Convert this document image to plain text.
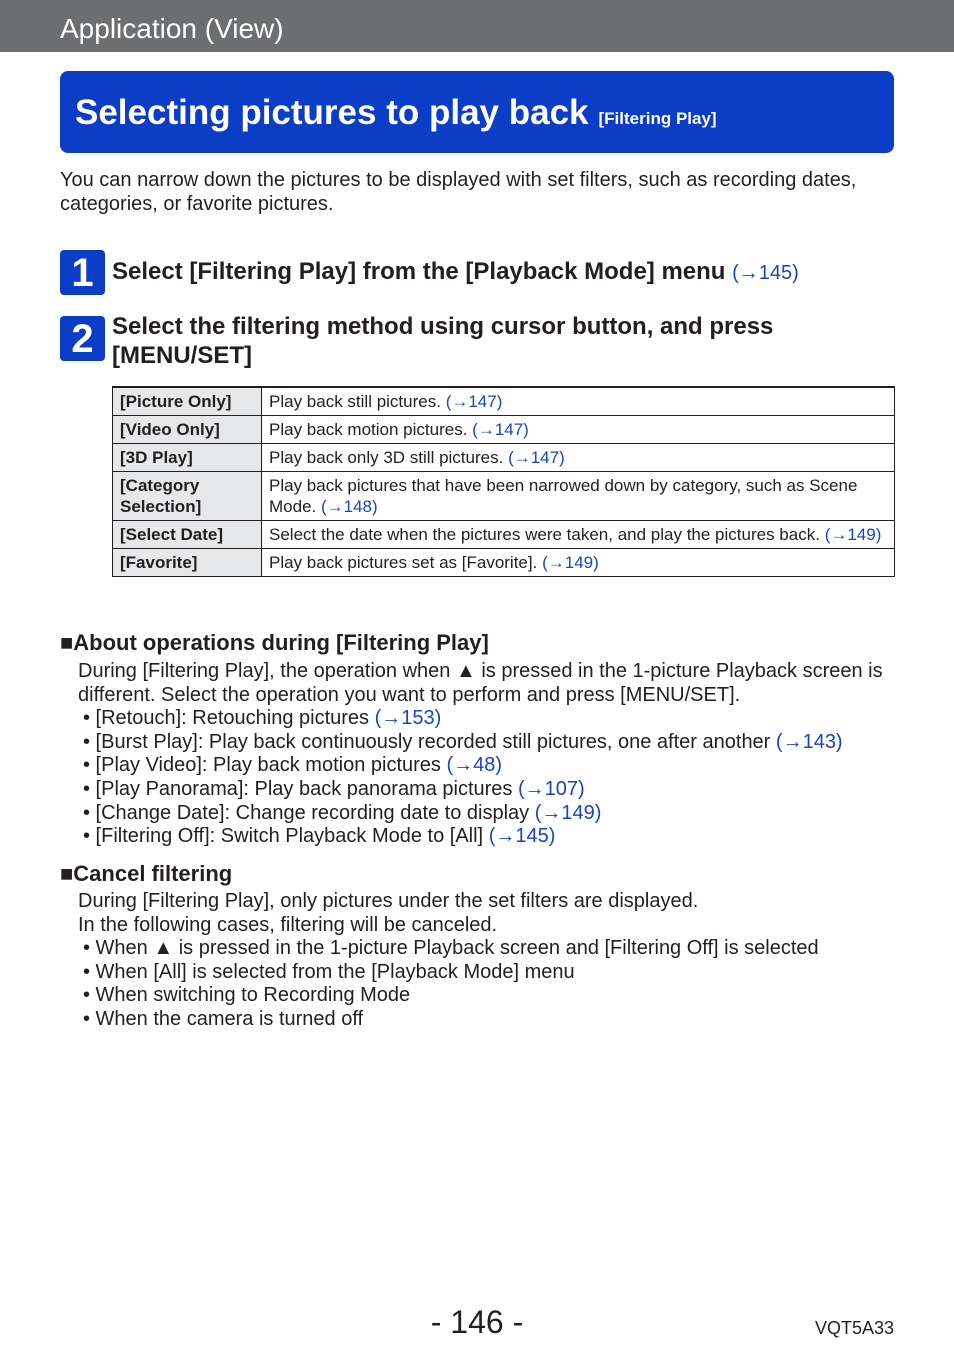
Application (View)
Selecting pictures to play back [Filtering Play]
You can narrow down the pictures to be displayed with set filters, such as recording dates, categories, or favorite pictures.
1 Select [Filtering Play] from the [Playback Mode] menu (→145)
2 Select the filtering method using cursor button, and press [MENU/SET]
[Picture Only]	Play back still pictures. (→147)
[Video Only]	Play back motion pictures. (→147)
[3D Play]	Play back only 3D still pictures. (→147)
[Category Selection]	Play back pictures that have been narrowed down by category, such as Scene Mode. (→148)
[Select Date]	Select the date when the pictures were taken, and play the pictures back. (→149)
[Favorite]	Play back pictures set as [Favorite]. (→149)
■About operations during [Filtering Play]
During [Filtering Play], the operation when ▲ is pressed in the 1-picture Playback screen is different. Select the operation you want to perform and press [MENU/SET].
• [Retouch]: Retouching pictures (→153)
• [Burst Play]: Play back continuously recorded still pictures, one after another (→143)
• [Play Video]: Play back motion pictures (→48)
• [Play Panorama]: Play back panorama pictures (→107)
• [Change Date]: Change recording date to display (→149)
• [Filtering Off]: Switch Playback Mode to [All] (→145)
■Cancel filtering
During [Filtering Play], only pictures under the set filters are displayed.
In the following cases, filtering will be canceled.
• When ▲ is pressed in the 1-picture Playback screen and [Filtering Off] is selected
• When [All] is selected from the [Playback Mode] menu
• When switching to Recording Mode
• When the camera is turned off
- 146 -	VQT5A33
